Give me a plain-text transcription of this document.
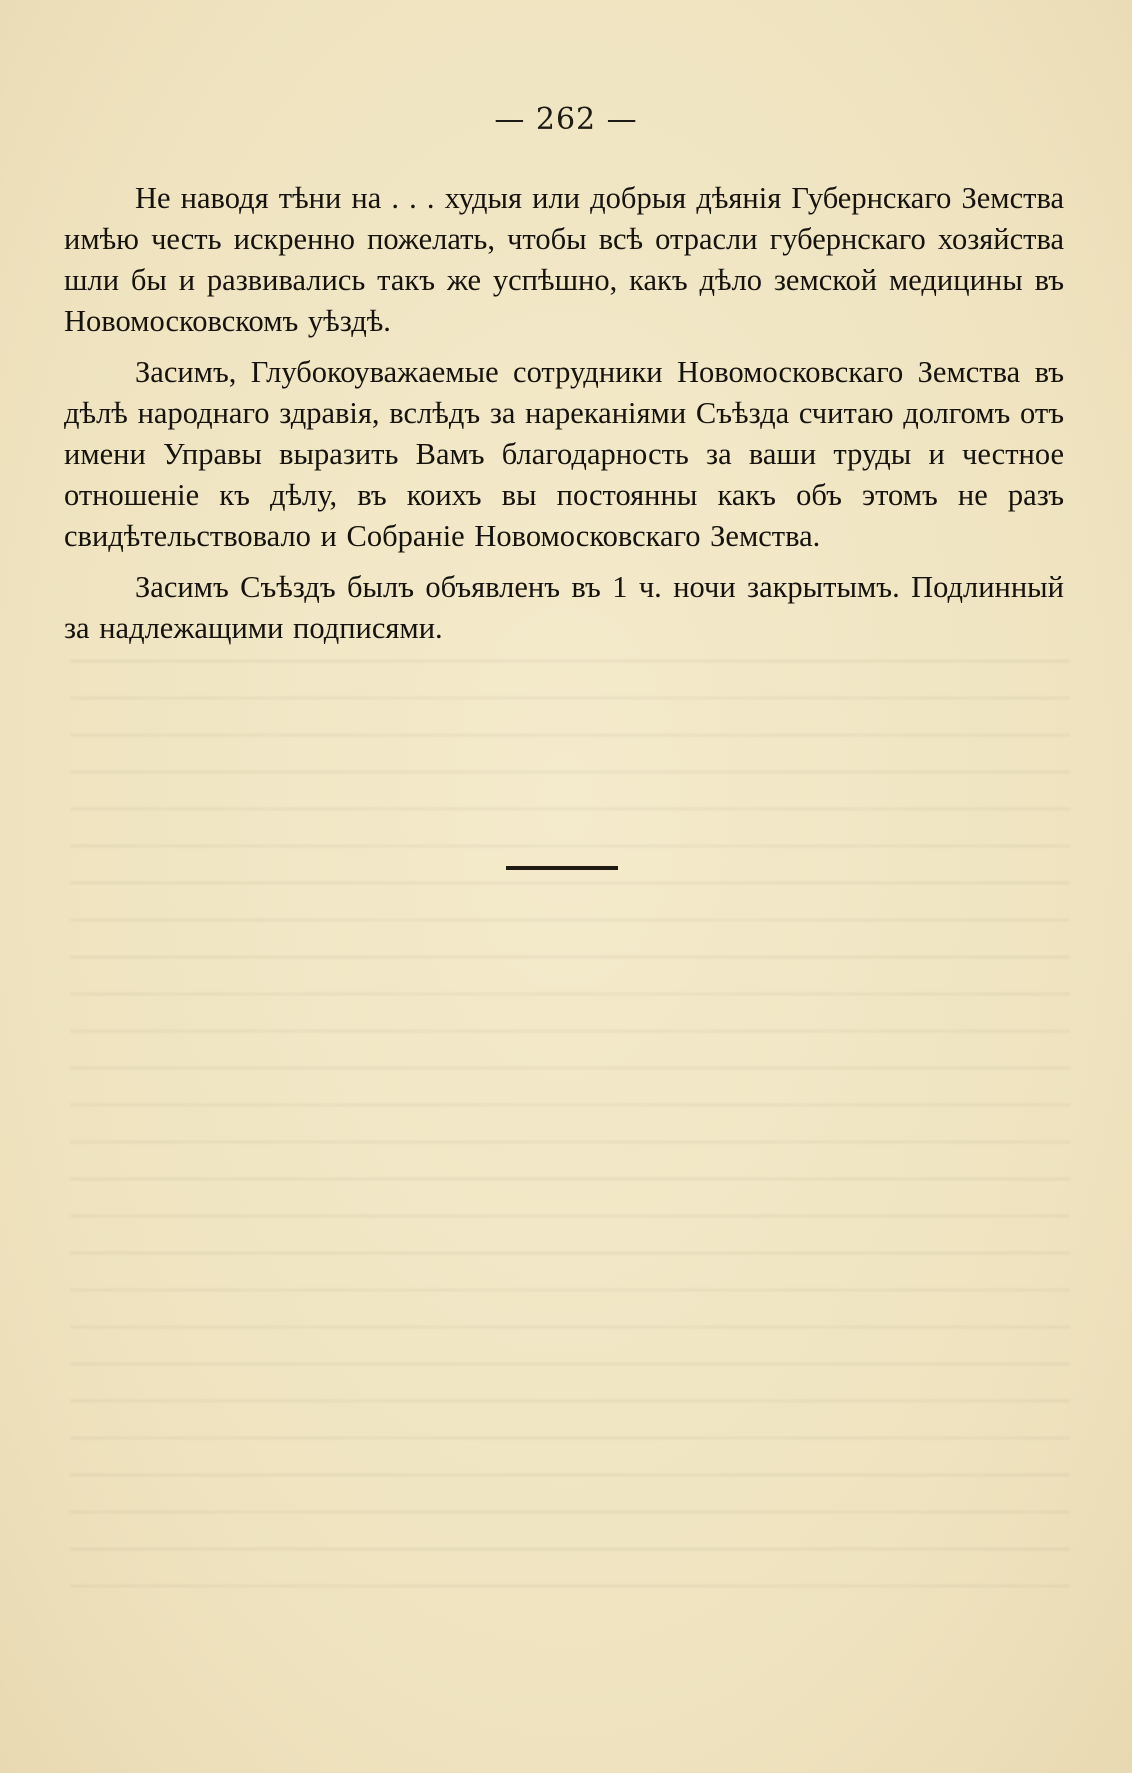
— 262 —

Не наводя тѣни на . . . худыя или добрыя дѣянія Губернскаго Земства имѣю честь искренно пожелать, чтобы всѣ отрасли губернскаго хозяйства шли бы и развивались такъ же успѣшно, какъ дѣло земской медицины въ Новомосковскомъ уѣздѣ.

Засимъ, Глубокоуважаемые сотрудники Новомосковскаго Земства въ дѣлѣ народнаго здравія, вслѣдъ за нареканіями Съѣзда считаю долгомъ отъ имени Управы выразить Вамъ благодарность за ваши труды и честное отношеніе къ дѣлу, въ коихъ вы постоянны какъ объ этомъ не разъ свидѣтельствовало и Собраніе Новомосковскаго Земства.

Засимъ Съѣздъ былъ объявленъ въ 1 ч. ночи закрытымъ. Подлинный за надлежащими подписями.
